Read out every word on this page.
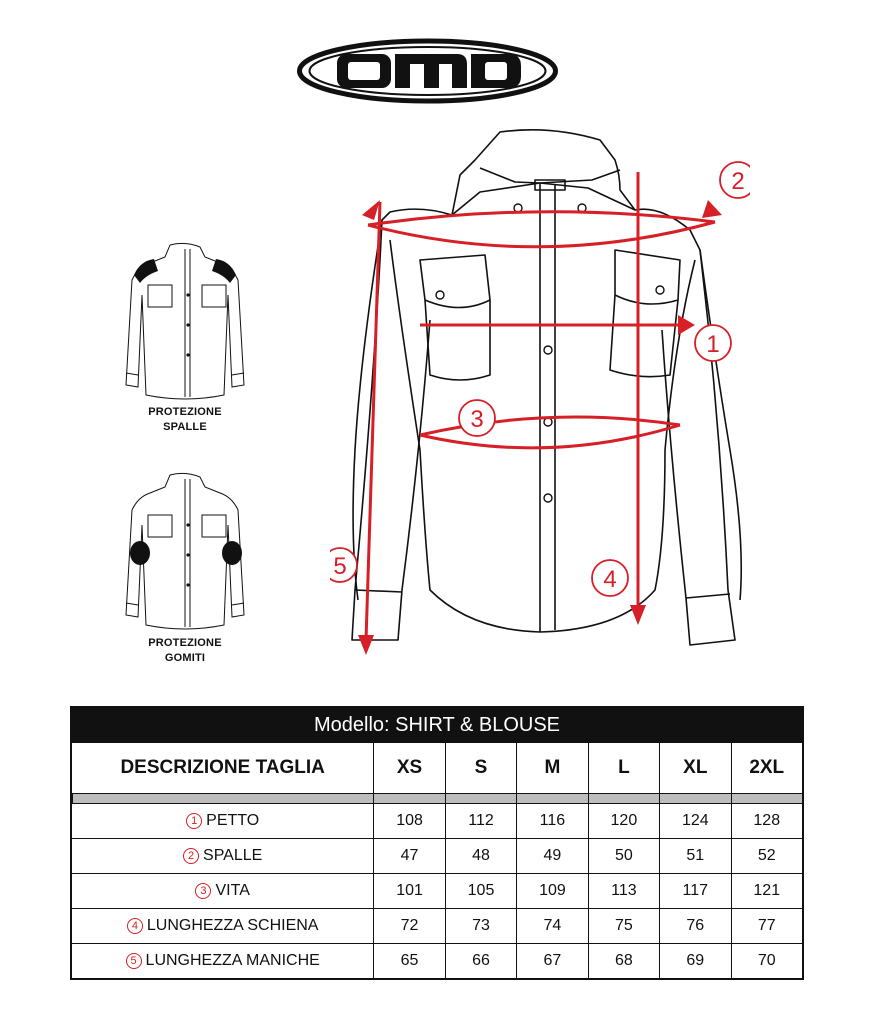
1
2
3
4
5
PROTEZIONE
SPALLE
PROTEZIONE
GOMITI
Modello: SHIRT & BLOUSE
DESCRIZIONE TAGLIA	XS	S	M	L	XL	2XL
1 PETTO	108	112	116	120	124	128
2 SPALLE	47	48	49	50	51	52
3 VITA	101	105	109	113	117	121
4 LUNGHEZZA SCHIENA	72	73	74	75	76	77
5 LUNGHEZZA MANICHE	65	66	67	68	69	70
